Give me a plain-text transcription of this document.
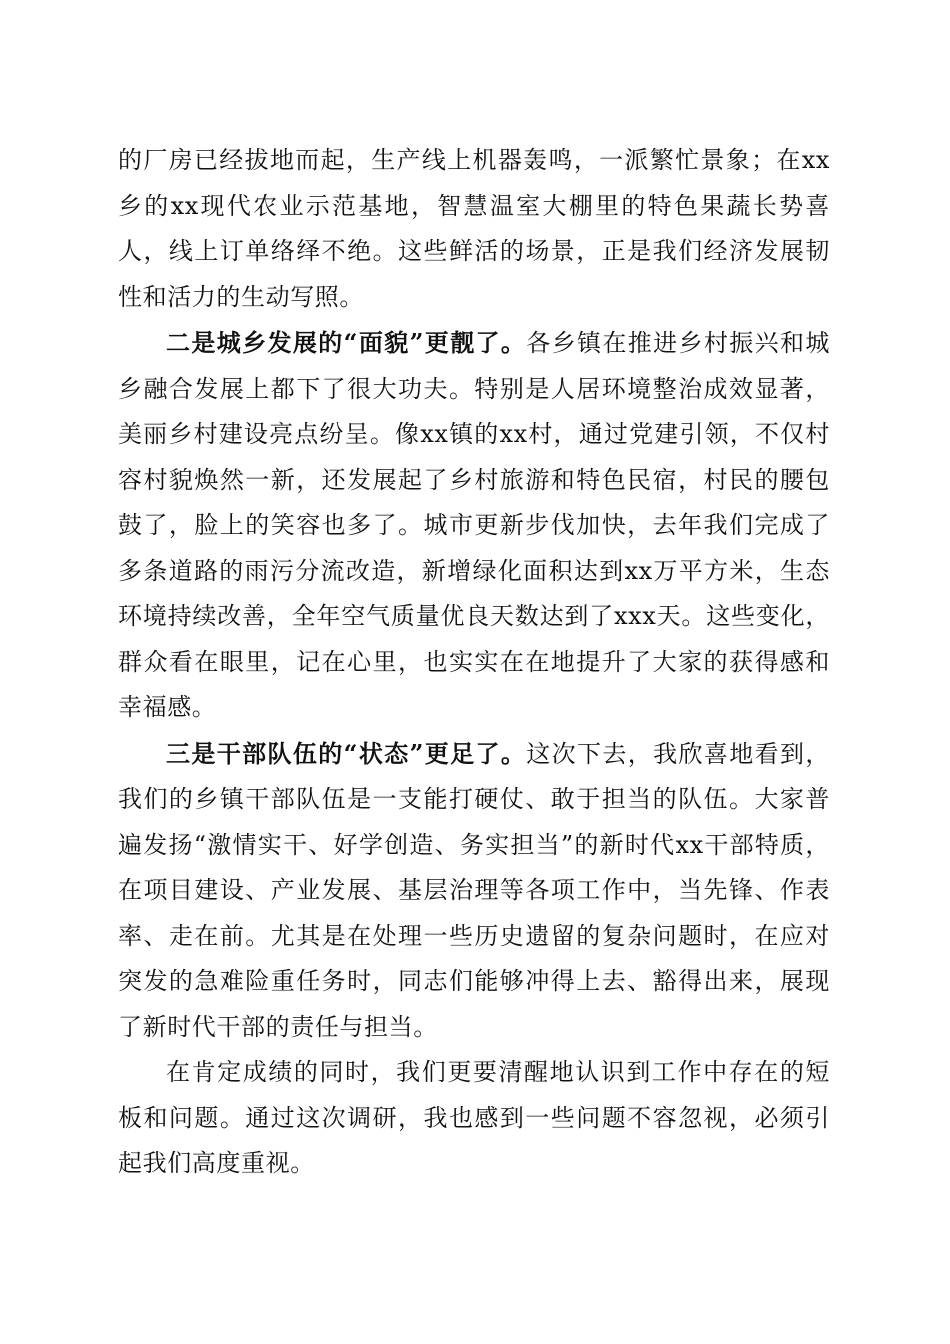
的厂房已经拔地而起，生产线上机器轰鸣，一派繁忙景象；在xx乡的xx现代农业示范基地，智慧温室大棚里的特色果蔬长势喜人，线上订单络绎不绝。这些鲜活的场景，正是我们经济发展韧性和活力的生动写照。

二是城乡发展的“面貌”更靓了。各乡镇在推进乡村振兴和城乡融合发展上都下了很大功夫。特别是人居环境整治成效显著，美丽乡村建设亮点纷呈。像xx镇的xx村，通过党建引领，不仅村容村貌焕然一新，还发展起了乡村旅游和特色民宿，村民的腰包鼓了，脸上的笑容也多了。城市更新步伐加快，去年我们完成了多条道路的雨污分流改造，新增绿化面积达到xx万平方米，生态环境持续改善，全年空气质量优良天数达到了xxx天。这些变化，群众看在眼里，记在心里，也实实在在地提升了大家的获得感和幸福感。

三是干部队伍的“状态”更足了。这次下去，我欣喜地看到，我们的乡镇干部队伍是一支能打硬仗、敢于担当的队伍。大家普遍发扬“激情实干、好学创造、务实担当”的新时代xx干部特质，在项目建设、产业发展、基层治理等各项工作中，当先锋、作表率、走在前。尤其是在处理一些历史遗留的复杂问题时，在应对突发的急难险重任务时，同志们能够冲得上去、豁得出来，展现了新时代干部的责任与担当。

在肯定成绩的同时，我们更要清醒地认识到工作中存在的短板和问题。通过这次调研，我也感到一些问题不容忽视，必须引起我们高度重视。
